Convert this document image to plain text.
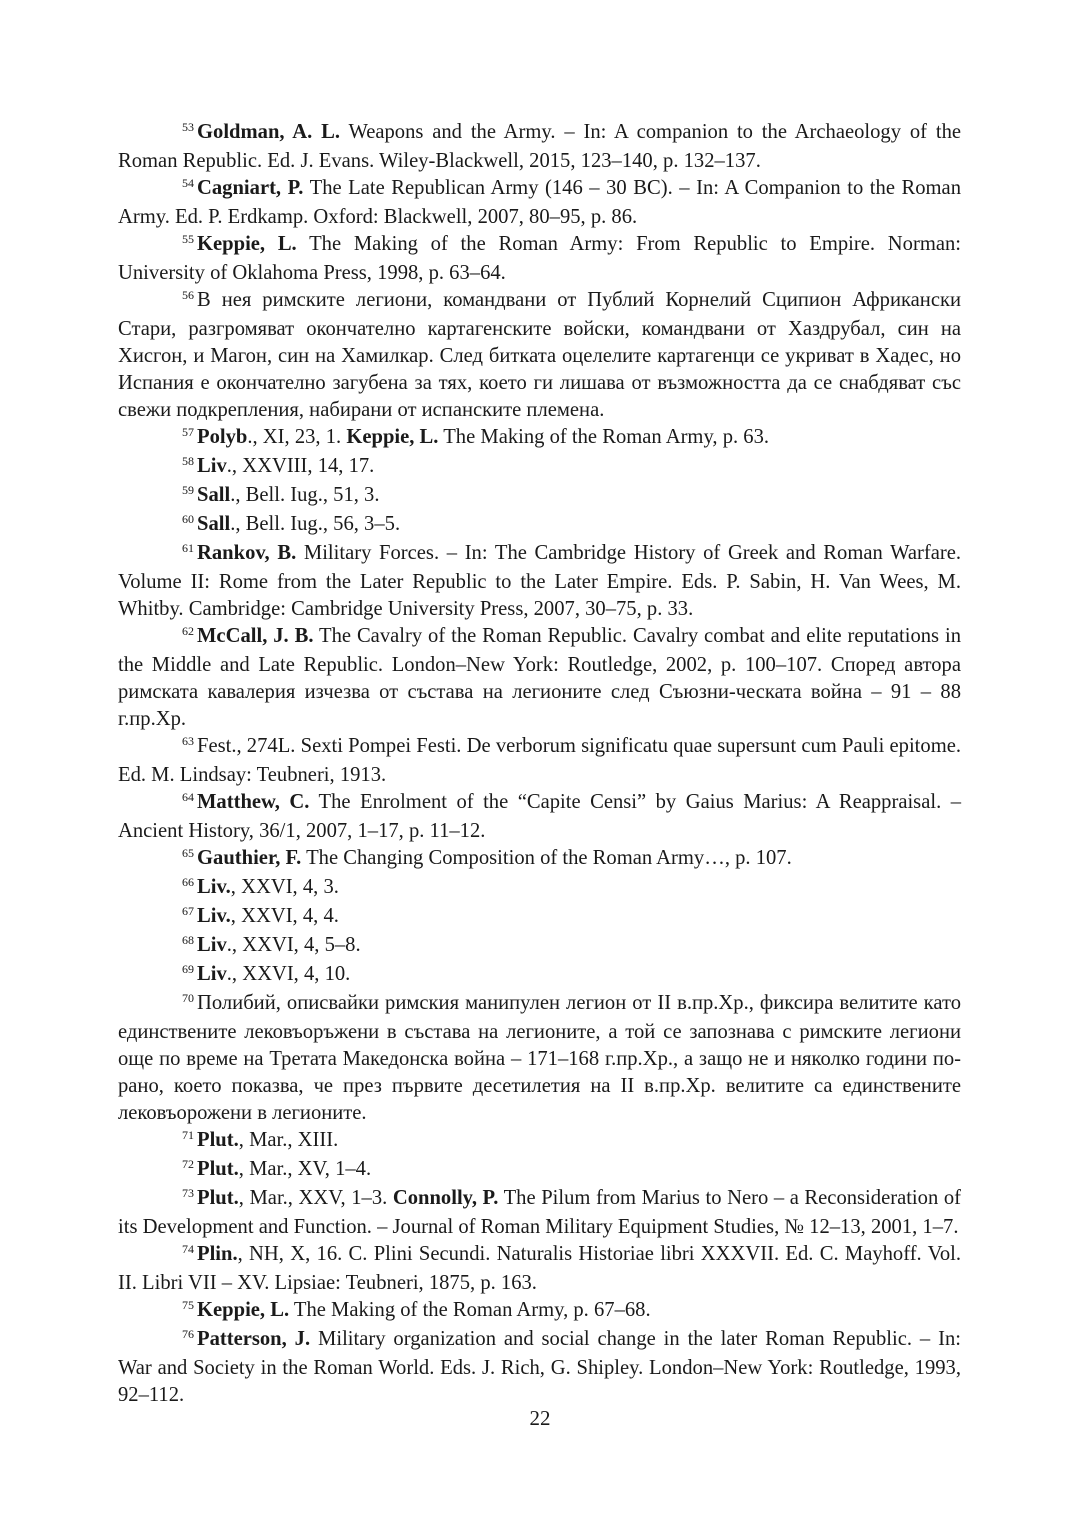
$^{53}$ Goldman, A. L. Weapons and the Army. – In: A companion to the Archaeology of the Roman Republic. Ed. J. Evans. Wiley-Blackwell, 2015, 123–140, p. 132–137.

$^{54}$ Cagniart, P. The Late Republican Army (146 – 30 BC). – In: A Companion to the Roman Army. Ed. P. Erdkamp. Oxford: Blackwell, 2007, 80–95, p. 86.

$^{55}$ Keppie, L. The Making of the Roman Army: From Republic to Empire. Norman: University of Oklahoma Press, 1998, p. 63–64.

$^{56}$ В нея римските легиони, командвани от Публий Корнелий Сципион Африкански Стари, разгромяват окончателно картагенските войски, командвани от Хаздрубал, син на Хисгон, и Магон, син на Хамилкар. След битката оцелелите картагенци се укриват в Хадес, но Испания е окончателно загубена за тях, което ги лишава от възможността да се снабдяват със свежи подкрепления, набирани от испанските племена.

$^{57}$ Polyb., XI, 23, 1. Keppie, L. The Making of the Roman Army, p. 63.

$^{58}$ Liv., XXVIII, 14, 17.

$^{59}$ Sall., Bell. Iug., 51, 3.

$^{60}$ Sall., Bell. Iug., 56, 3–5.

$^{61}$ Rankov, B. Military Forces. – In: The Cambridge History of Greek and Roman Warfare. Volume II: Rome from the Later Republic to the Later Empire. Eds. P. Sabin, H. Van Wees, M. Whitby. Cambridge: Cambridge University Press, 2007, 30–75, p. 33.

$^{62}$ McCall, J. B. The Cavalry of the Roman Republic. Cavalry combat and elite reputations in the Middle and Late Republic. London–New York: Routledge, 2002, p. 100–107. Според автора римската кавалерия изчезва от състава на легионите след Съюзни-ческата война – 91 – 88 г.пр.Хр.

$^{63}$ Fest., 274L. Sexti Pompei Festi. De verborum significatu quae supersunt cum Pauli epitome. Ed. M. Lindsay: Teubneri, 1913.

$^{64}$ Matthew, C. The Enrolment of the “Capite Censi” by Gaius Marius: A Reappraisal. – Ancient History, 36/1, 2007, 1–17, p. 11–12.

$^{65}$ Gauthier, F. The Changing Composition of the Roman Army…, p. 107.

$^{66}$ Liv., XXVI, 4, 3.

$^{67}$ Liv., XXVI, 4, 4.

$^{68}$ Liv., XXVI, 4, 5–8.

$^{69}$ Liv., XXVI, 4, 10.

$^{70}$ Полибий, описвайки римския манипулен легион от II в.пр.Хр., фиксира велитите като единствените лековъоръжени в състава на легионите, а той се запознава с римските легиони още по време на Третата Македонска война – 171–168 г.пр.Хр., а защо не и няколко години по-рано, което показва, че през първите десетилетия на II в.пр.Хр. велитите са единствените лековъорожени в легионите.

$^{71}$ Plut., Mar., XIII.

$^{72}$ Plut., Mar., XV, 1–4.

$^{73}$ Plut., Mar., XXV, 1–3. Connolly, P. The Pilum from Marius to Nero – a Reconsideration of its Development and Function. – Journal of Roman Military Equipment Studies, № 12–13, 2001, 1–7.

$^{74}$ Plin., NH, X, 16. C. Plini Secundi. Naturalis Historiae libri XXXVII. Ed. C. Mayhoff. Vol. II. Libri VII – XV. Lipsiae: Teubneri, 1875, p. 163.

$^{75}$ Keppie, L. The Making of the Roman Army, p. 67–68.

$^{76}$ Patterson, J. Military organization and social change in the later Roman Republic. – In: War and Society in the Roman World. Eds. J. Rich, G. Shipley. London–New York: Routledge, 1993, 92–112.

22
